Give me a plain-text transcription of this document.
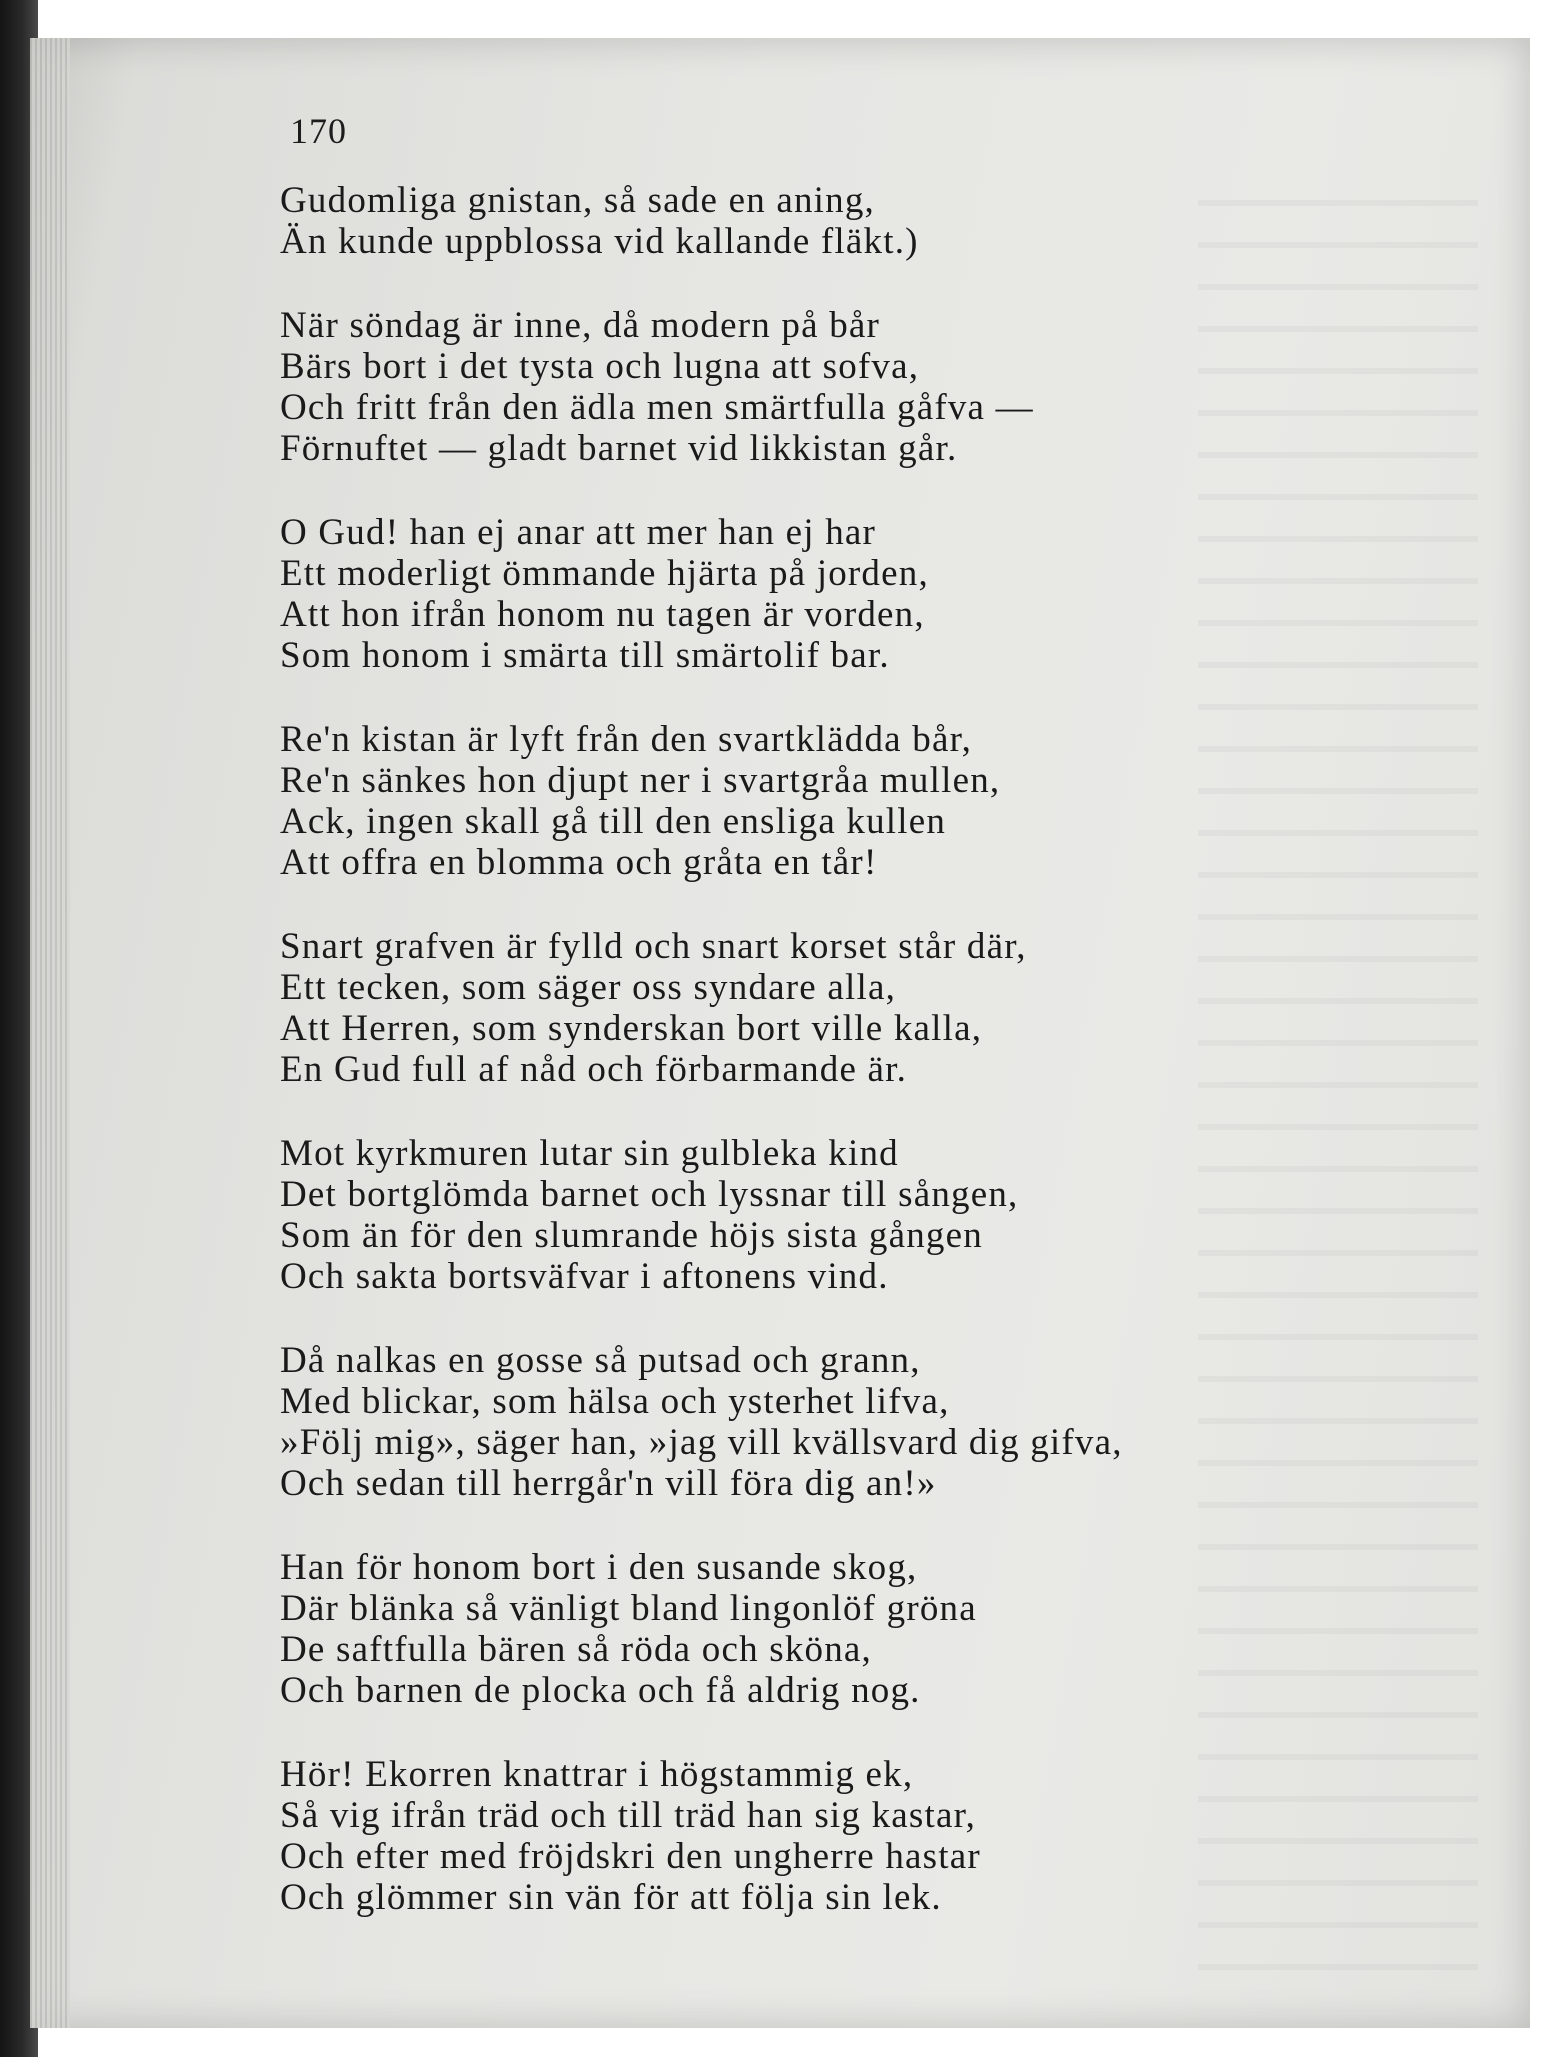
170
Gudomliga gnistan, så sade en aning,
Än kunde uppblossa vid kallande fläkt.)
När söndag är inne, då modern på bår
Bärs bort i det tysta och lugna att sofva,
Och fritt från den ädla men smärtfulla gåfva —
Förnuftet — gladt barnet vid likkistan går.
O Gud! han ej anar att mer han ej har
Ett moderligt ömmande hjärta på jorden,
Att hon ifrån honom nu tagen är vorden,
Som honom i smärta till smärtolif bar.
Re'n kistan är lyft från den svartklädda bår,
Re'n sänkes hon djupt ner i svartgråa mullen,
Ack, ingen skall gå till den ensliga kullen
Att offra en blomma och gråta en tår!
Snart grafven är fylld och snart korset står där,
Ett tecken, som säger oss syndare alla,
Att Herren, som synderskan bort ville kalla,
En Gud full af nåd och förbarmande är.
Mot kyrkmuren lutar sin gulbleka kind
Det bortglömda barnet och lyssnar till sången,
Som än för den slumrande höjs sista gången
Och sakta bortsväfvar i aftonens vind.
Då nalkas en gosse så putsad och grann,
Med blickar, som hälsa och ysterhet lifva,
»Följ mig», säger han, »jag vill kvällsvard dig gifva,
Och sedan till herrgår'n vill föra dig an!»
Han för honom bort i den susande skog,
Där blänka så vänligt bland lingonlöf gröna
De saftfulla bären så röda och sköna,
Och barnen de plocka och få aldrig nog.
Hör! Ekorren knattrar i högstammig ek,
Så vig ifrån träd och till träd han sig kastar,
Och efter med fröjdskri den ungherre hastar
Och glömmer sin vän för att följa sin lek.
